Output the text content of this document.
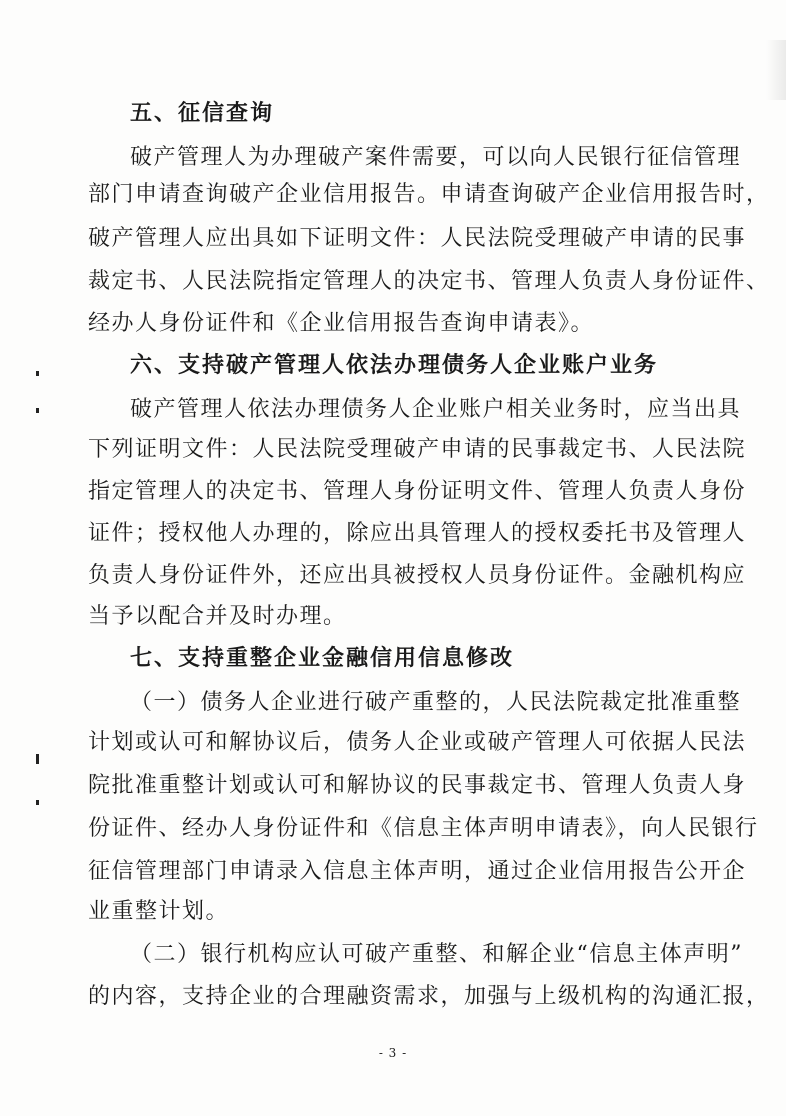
五、征信查询
破产管理人为办理破产案件需要，可以向人民银行征信管理
部门申请查询破产企业信用报告。申请查询破产企业信用报告时，
破产管理人应出具如下证明文件：人民法院受理破产申请的民事
裁定书、人民法院指定管理人的决定书、管理人负责人身份证件、
经办人身份证件和《企业信用报告查询申请表》。
六、支持破产管理人依法办理债务人企业账户业务
破产管理人依法办理债务人企业账户相关业务时，应当出具
下列证明文件：人民法院受理破产申请的民事裁定书、人民法院
指定管理人的决定书、管理人身份证明文件、管理人负责人身份
证件；授权他人办理的，除应出具管理人的授权委托书及管理人
负责人身份证件外，还应出具被授权人员身份证件。金融机构应
当予以配合并及时办理。
七、支持重整企业金融信用信息修改
（一）债务人企业进行破产重整的，人民法院裁定批准重整
计划或认可和解协议后，债务人企业或破产管理人可依据人民法
院批准重整计划或认可和解协议的民事裁定书、管理人负责人身
份证件、经办人身份证件和《信息主体声明申请表》，向人民银行
征信管理部门申请录入信息主体声明，通过企业信用报告公开企
业重整计划。
（二）银行机构应认可破产重整、和解企业“信息主体声明”
的内容，支持企业的合理融资需求，加强与上级机构的沟通汇报，
- 3 -
